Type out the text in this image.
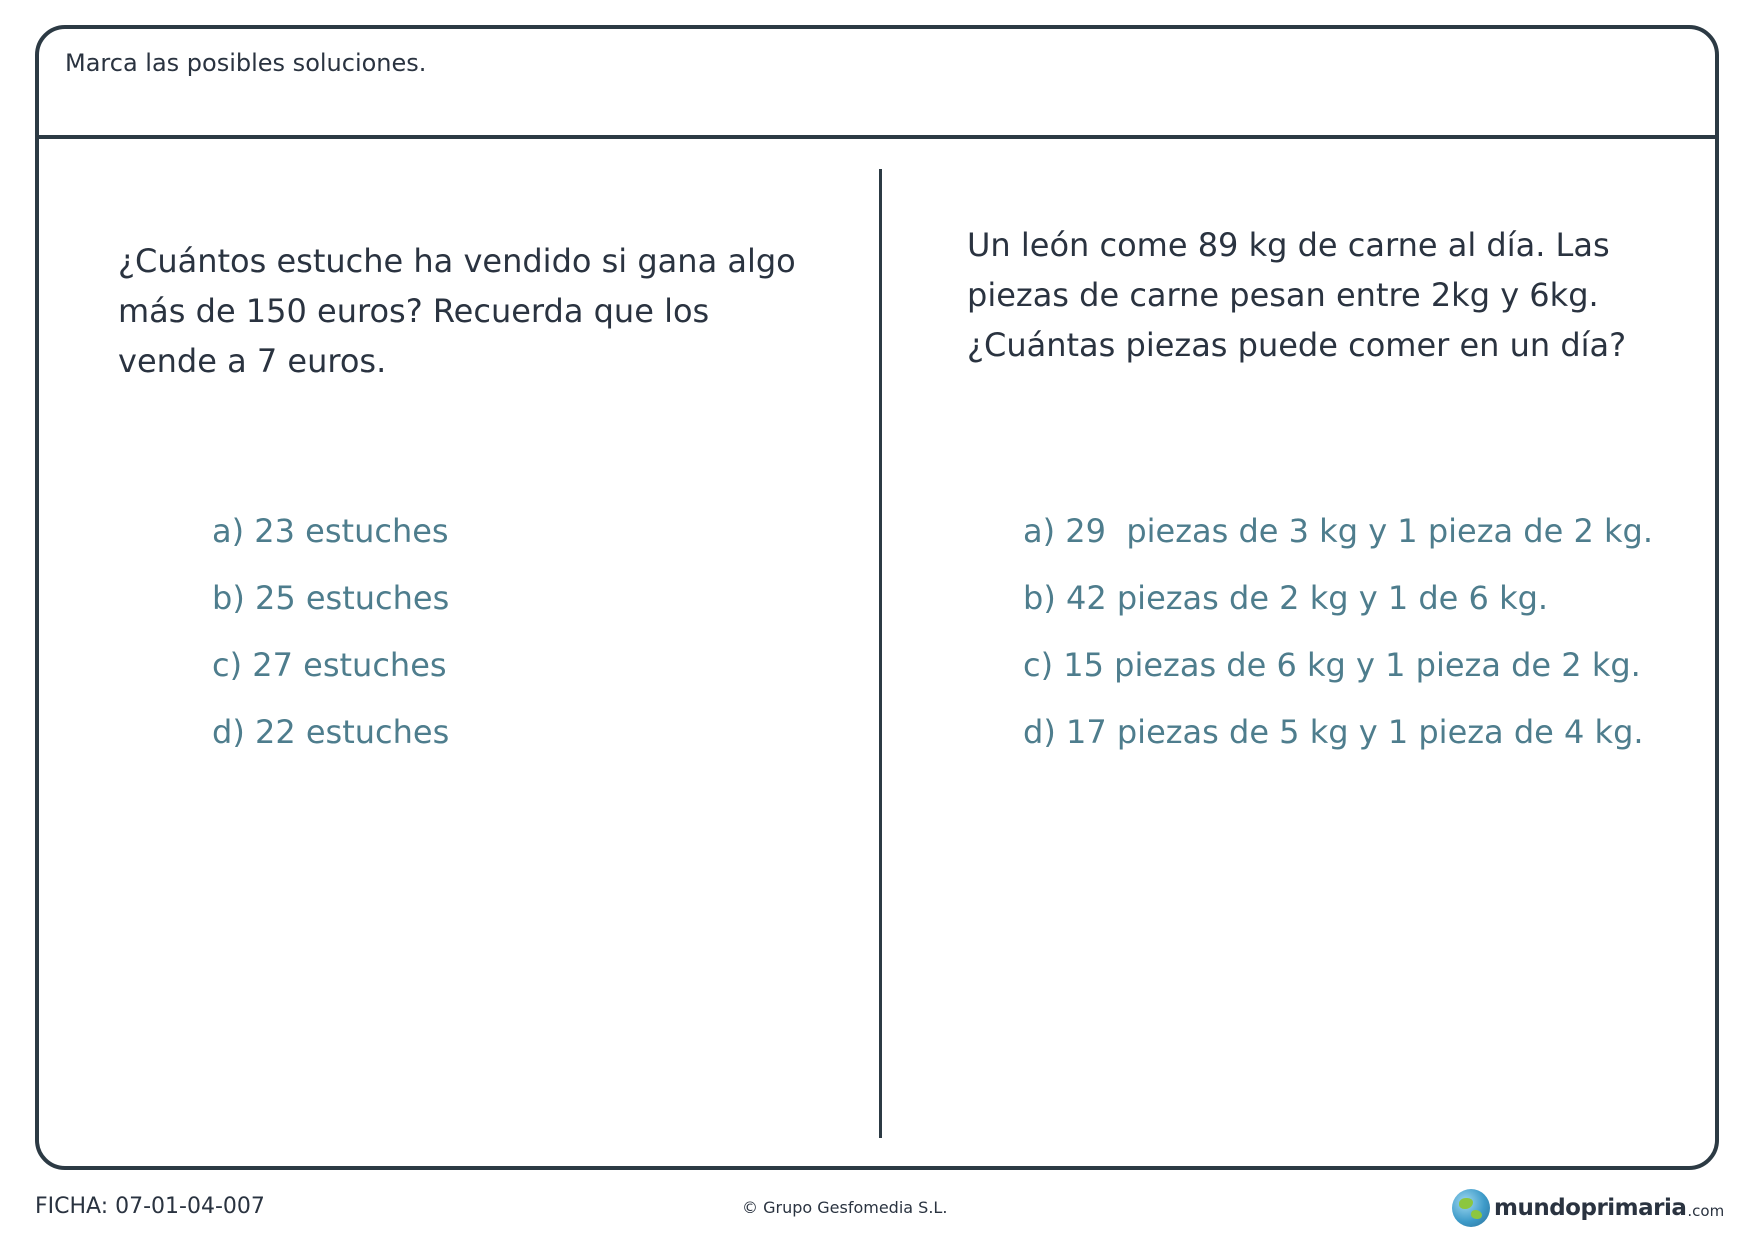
Marca las posibles soluciones.
¿Cuántos estuche ha vendido si gana algo más de 150 euros? Recuerda que los vende a 7 euros.
a) 23 estuches
b) 25 estuches
c) 27 estuches
d) 22 estuches
Un león come 89 kg de carne al día. Las piezas de carne pesan entre 2kg y 6kg. ¿Cuántas piezas puede comer en un día?
a) 29  piezas de 3 kg y 1 pieza de 2 kg.
b) 42 piezas de 2 kg y 1 de 6 kg.
c) 15 piezas de 6 kg y 1 pieza de 2 kg.
d) 17 piezas de 5 kg y 1 pieza de 4 kg.
FICHA: 07-01-04-007	© Grupo Gesfomedia S.L.	mundoprimaria .com
